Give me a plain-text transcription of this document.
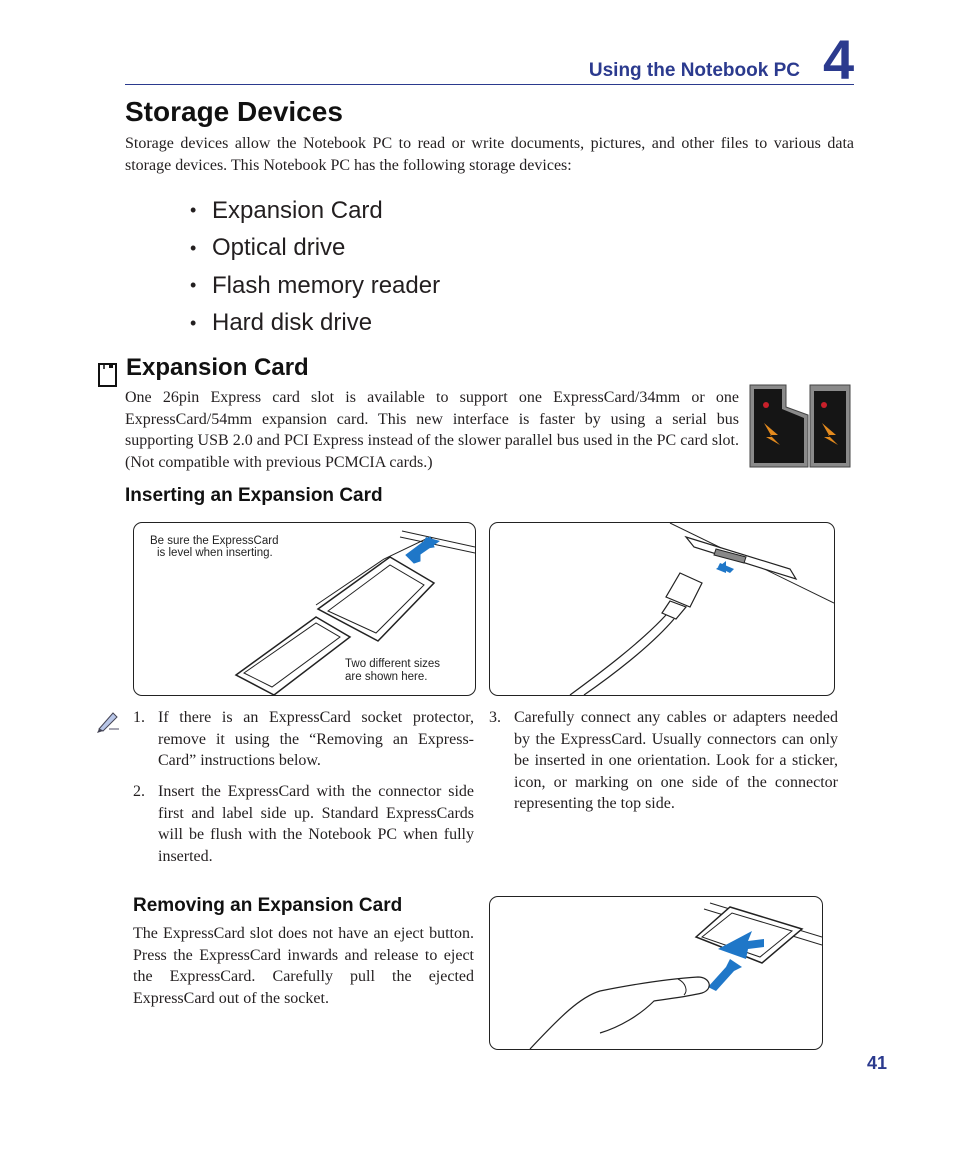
Using the Notebook PC 4
Storage Devices
Storage devices allow the Notebook PC to read or write documents, pictures, and other files to various data storage devices. This Notebook PC has the following storage devices:
• Expansion Card
• Optical drive
• Flash memory reader
• Hard disk drive
Expansion Card
One 26pin Express card slot is available to support one ExpressCard/34mm or one ExpressCard/54mm expansion card. This new interface is faster by using a serial bus supporting USB 2.0 and PCI Express instead of the slower parallel bus used in the PC card slot. (Not compatible with previous PCMCIA cards.)
Inserting an Expansion Card
Be sure the ExpressCard
is level when inserting.
Two different sizes
are shown here.
1. If there is an ExpressCard socket protector, remove it using the “Removing an Express-Card” instructions below.
2. Insert the ExpressCard with the connector side first and label side up. Standard ExpressCards will be flush with the Notebook PC when fully inserted.
3. Carefully connect any cables or adapters needed by the ExpressCard. Usually connectors can only be inserted in one orientation. Look for a sticker, icon, or marking on one side of the connector representing the top side.
Removing an Expansion Card
The ExpressCard slot does not have an eject button. Press the ExpressCard inwards and release to eject the ExpressCard. Carefully pull the ejected ExpressCard out of the socket.
41
